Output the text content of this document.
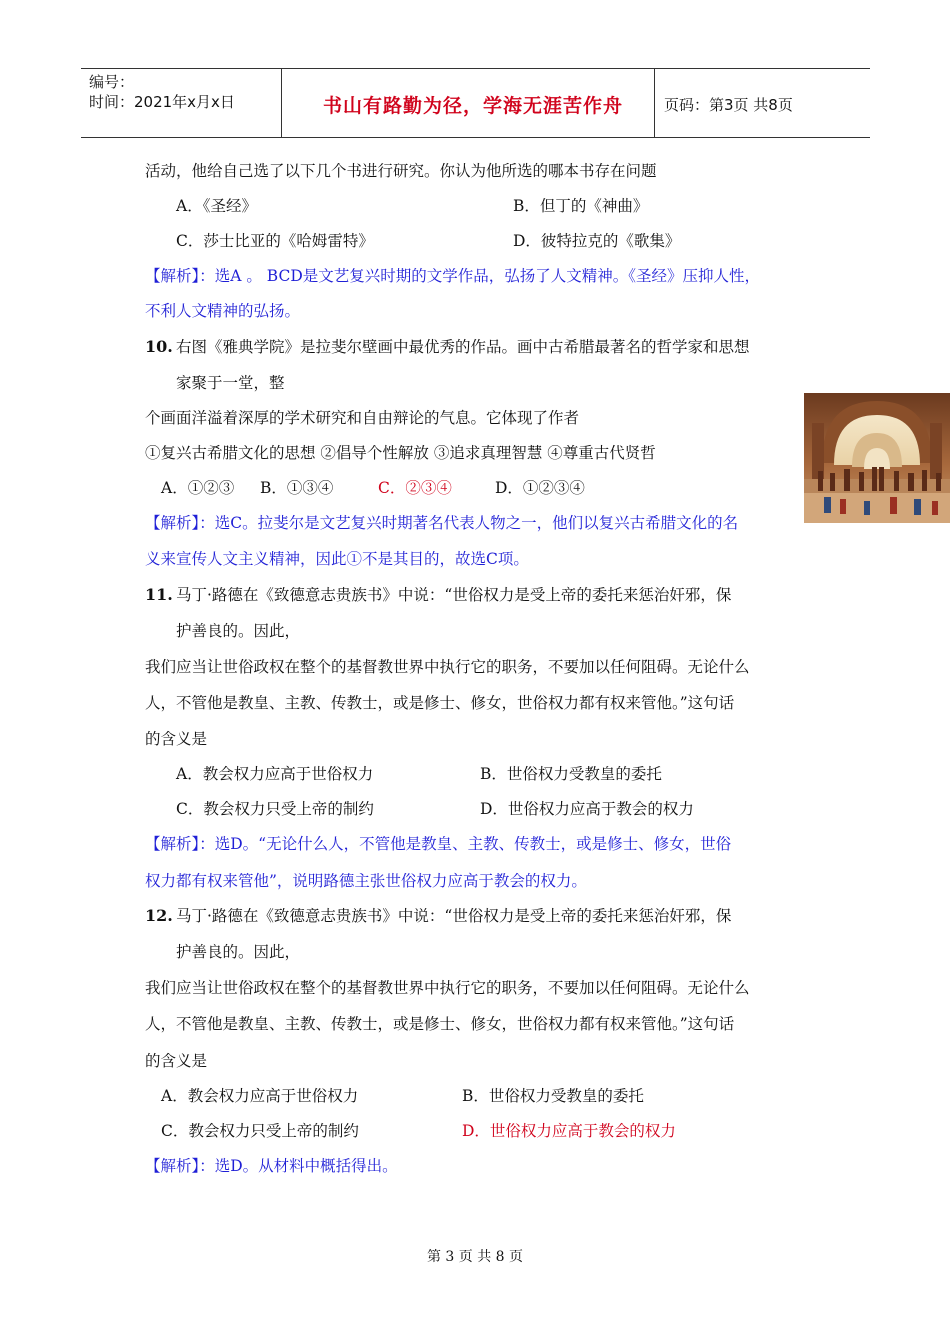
编号：
时间：2021年x月x日	书山有路勤为径，学海无涯苦作舟	页码：第3页 共8页
活动，他给自己选了以下几个书进行研究。你认为他所选的哪本书存在问题
A．《圣经》	B．但丁的《神曲》
C．莎士比亚的《哈姆雷特》	D．彼特拉克的《歌集》
【解析】：选A 。 BCD是文艺复兴时期的文学作品，弘扬了人文精神。《圣经》压抑人性，
不利人文精神的弘扬。
10. 右图《雅典学院》是拉斐尔壁画中最优秀的作品。画中古希腊最著名的哲学家和思想
家聚于一堂，整
个画面洋溢着深厚的学术研究和自由辩论的气息。它体现了作者
①复兴古希腊文化的思想 ②倡导个性解放 ③追求真理智慧 ④尊重古代贤哲
A．①②③ B．①③④	C．②③④	D．①②③④
【解析】：选C。拉斐尔是文艺复兴时期著名代表人物之一，他们以复兴古希腊文化的名
义来宣传人文主义精神，因此①不是其目的，故选C项。
11. 马丁·路德在《致德意志贵族书》中说：“世俗权力是受上帝的委托来惩治奸邪，保
护善良的。因此，
我们应当让世俗政权在整个的基督教世界中执行它的职务，不要加以任何阻碍。无论什么
人，不管他是教皇、主教、传教士，或是修士、修女，世俗权力都有权来管他。”这句话
的含义是
A．教会权力应高于世俗权力	B．世俗权力受教皇的委托
C．教会权力只受上帝的制约	D．世俗权力应高于教会的权力
【解析】：选D。“无论什么人，不管他是教皇、主教、传教士，或是修士、修女，世俗
权力都有权来管他”，说明路德主张世俗权力应高于教会的权力。
12. 马丁·路德在《致德意志贵族书》中说：“世俗权力是受上帝的委托来惩治奸邪，保
护善良的。因此，
我们应当让世俗政权在整个的基督教世界中执行它的职务，不要加以任何阻碍。无论什么
人，不管他是教皇、主教、传教士，或是修士、修女，世俗权力都有权来管他。”这句话
的含义是
A．教会权力应高于世俗权力	B．世俗权力受教皇的委托
C．教会权力只受上帝的制约	D．世俗权力应高于教会的权力
【解析】：选D。从材料中概括得出。
第 3 页 共 8 页
